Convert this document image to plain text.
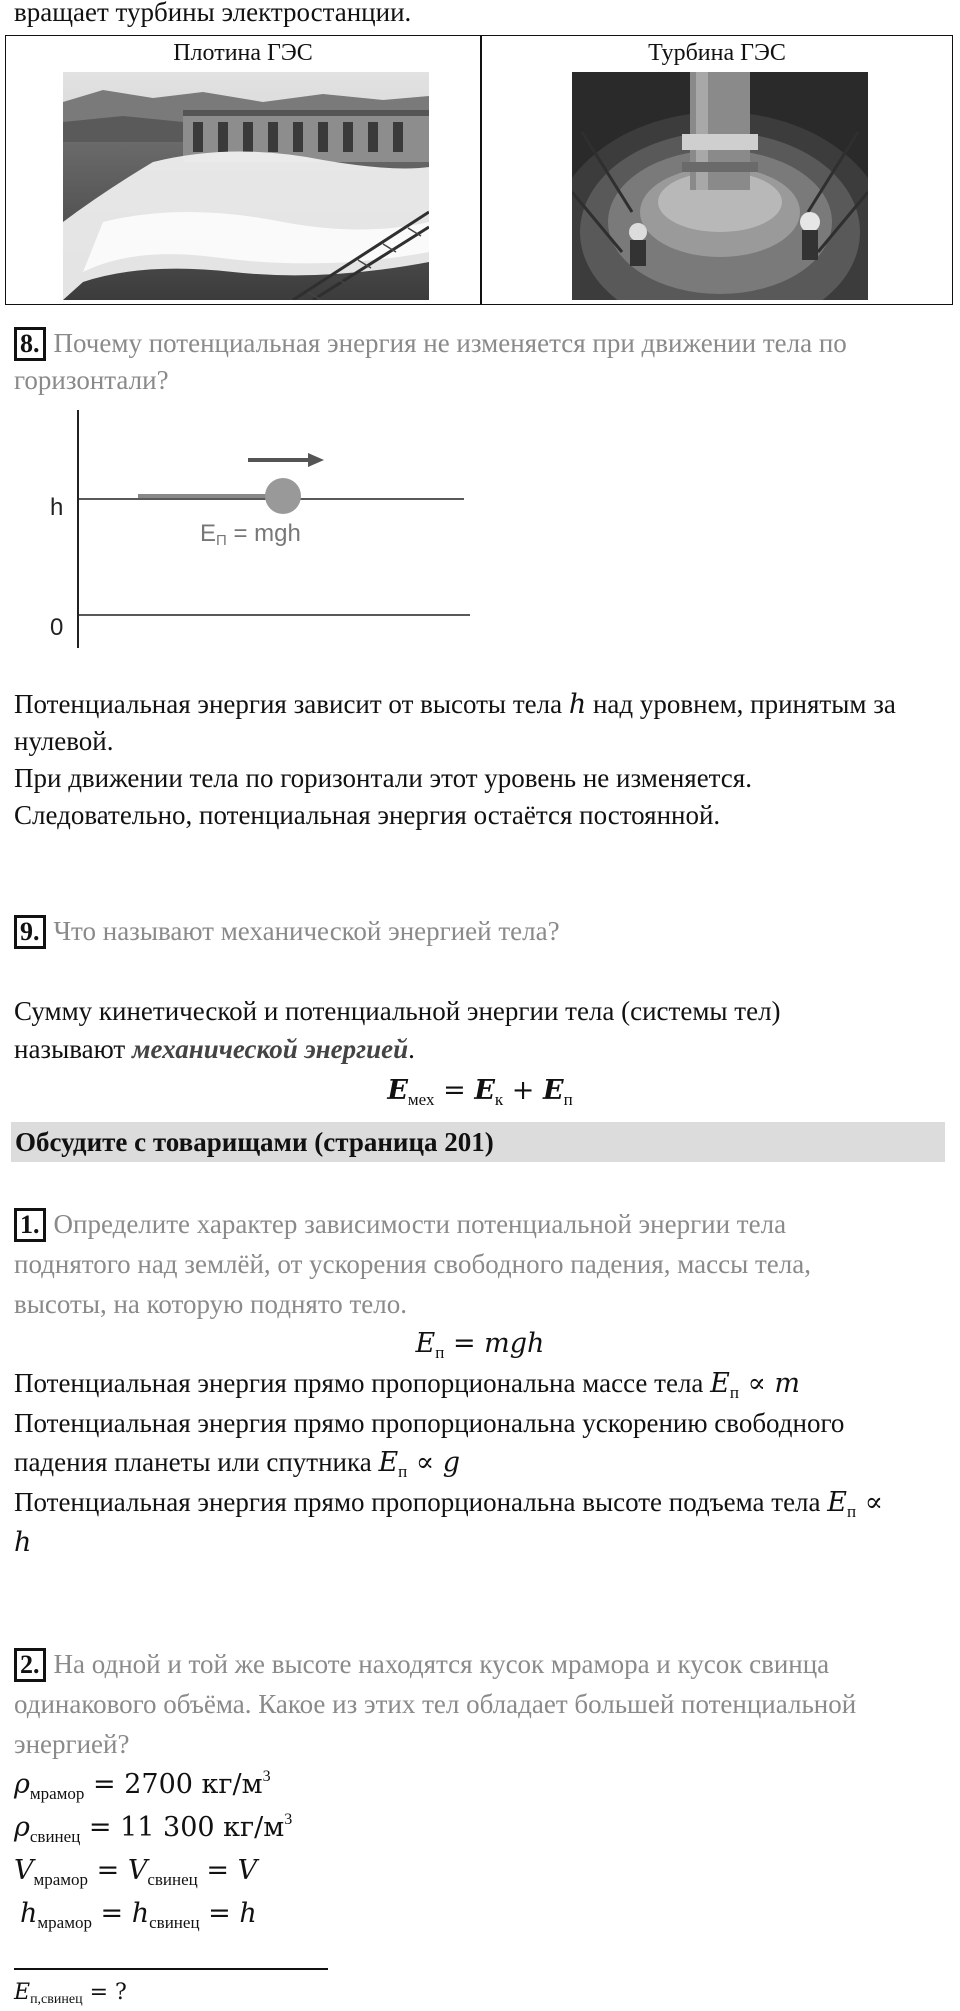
вращает турбины электростанции.
Плотина ГЭС	Турбина ГЭС
8. Почему потенциальная энергия не изменяется при движении тела по
горизонтали?
h
0
$E_П$ = mgh
Потенциальная энергия зависит от высоты тела h над уровнем, принятым за
нулевой.
При движении тела по горизонтали этот уровень не изменяется.
Следовательно, потенциальная энергия остаётся постоянной.
9. Что называют механической энергией тела?
Сумму кинетической и потенциальной энергии тела (системы тел)
называют механической энергией.
$E_{мех} = E_к + E_п$
Обсудите с товарищами (страница 201)
1. Определите характер зависимости потенциальной энергии тела
поднятого над землёй, от ускорения свободного падения, массы тела,
высоты, на которую поднято тело.
$E_п$ = mgh
Потенциальная энергия прямо пропорциональна массе тела $E_п \propto m$
Потенциальная энергия прямо пропорциональна ускорению свободного
падения планеты или спутника $E_п \propto g$
Потенциальная энергия прямо пропорциональна высоте подъема тела $E_п$ ∝
h
2. На одной и той же высоте находятся кусок мрамора и кусок свинца
одинакового объёма. Какое из этих тел обладает большей потенциальной
энергией?
$\rho_{мрамор} = 2700$ $кг/м^3$
$\rho_{свинец} = 11$ 300 $кг/м^3$
$V_{мрамор} = V_{свинец} = V$
$h_{мрамор} = h_{свинец} = h$
$E_{п,свинец}$ = ?
